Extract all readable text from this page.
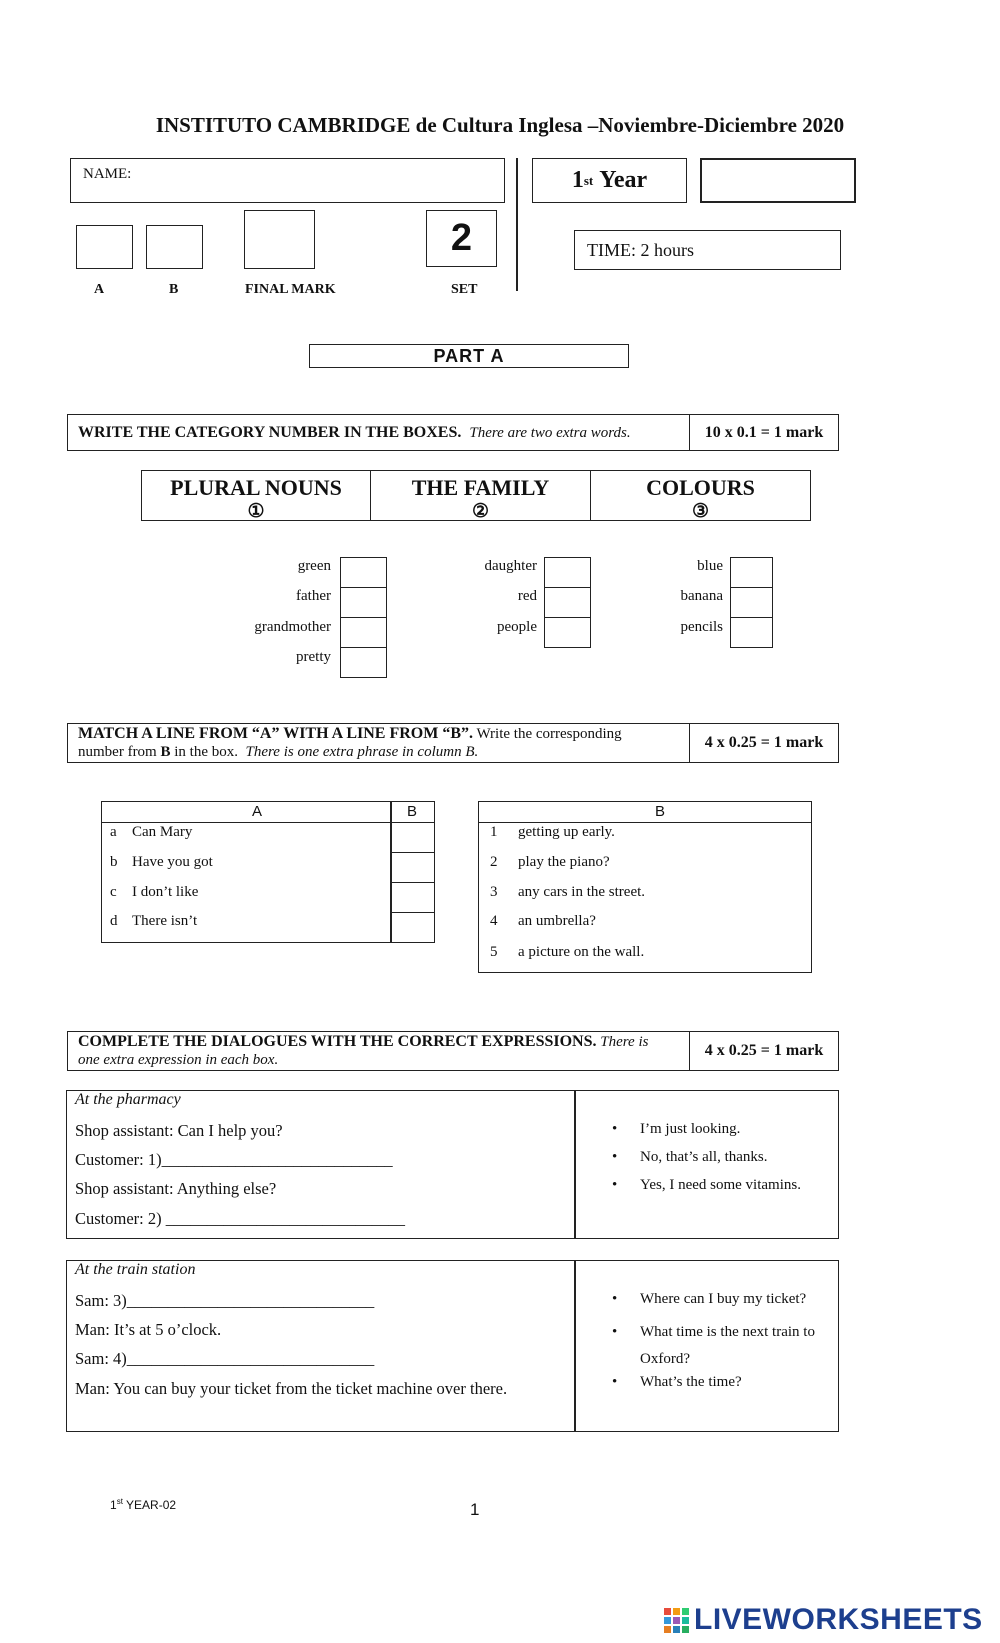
INSTITUTO CAMBRIDGE de Cultura Inglesa –Noviembre-Diciembre 2020
NAME:	1 st
Year
2
A	B	FINAL MARK	SET
TIME: 2 hours
PART A
WRITE THE CATEGORY NUMBER IN THE BOXES. There are two extra words.	10 x 0.1 = 1 mark
PLURAL NOUNS
①
THE FAMILY
②
COLOURS
③
green
father
grandmother
pretty
daughter
red
people
blue
banana
pencils
MATCH A LINE FROM “A” WITH A LINE FROM “B”. Write the corresponding
number from B in the box.  There is one extra phrase in column B.
4 x 0.25 = 1 mark
A	B
a Can Mary
b Have you got
c I don’t like
d There isn’t
B
1 getting up early.
2 play the piano?
3 any cars in the street.
4 an umbrella?
5 a picture on the wall.
COMPLETE THE DIALOGUES WITH THE CORRECT EXPRESSIONS. There is
one extra expression in each box.
4 x 0.25 = 1 mark
At the pharmacy
Shop assistant: Can I help you?
Customer: 1)____________________________
Shop assistant: Anything else?
Customer: 2) _____________________________
• I’m just looking.
• No, that’s all, thanks.
• Yes, I need some vitamins.
At the train station
Sam: 3)______________________________
Man: It’s at 5 o’clock.
Sam: 4)______________________________
Man: You can buy your ticket from the ticket machine over there.
• Where can I buy my ticket?
• What time is the next train to Oxford?
• What’s the time?
1st YEAR-02	1
LIVEWORKSHEETS
